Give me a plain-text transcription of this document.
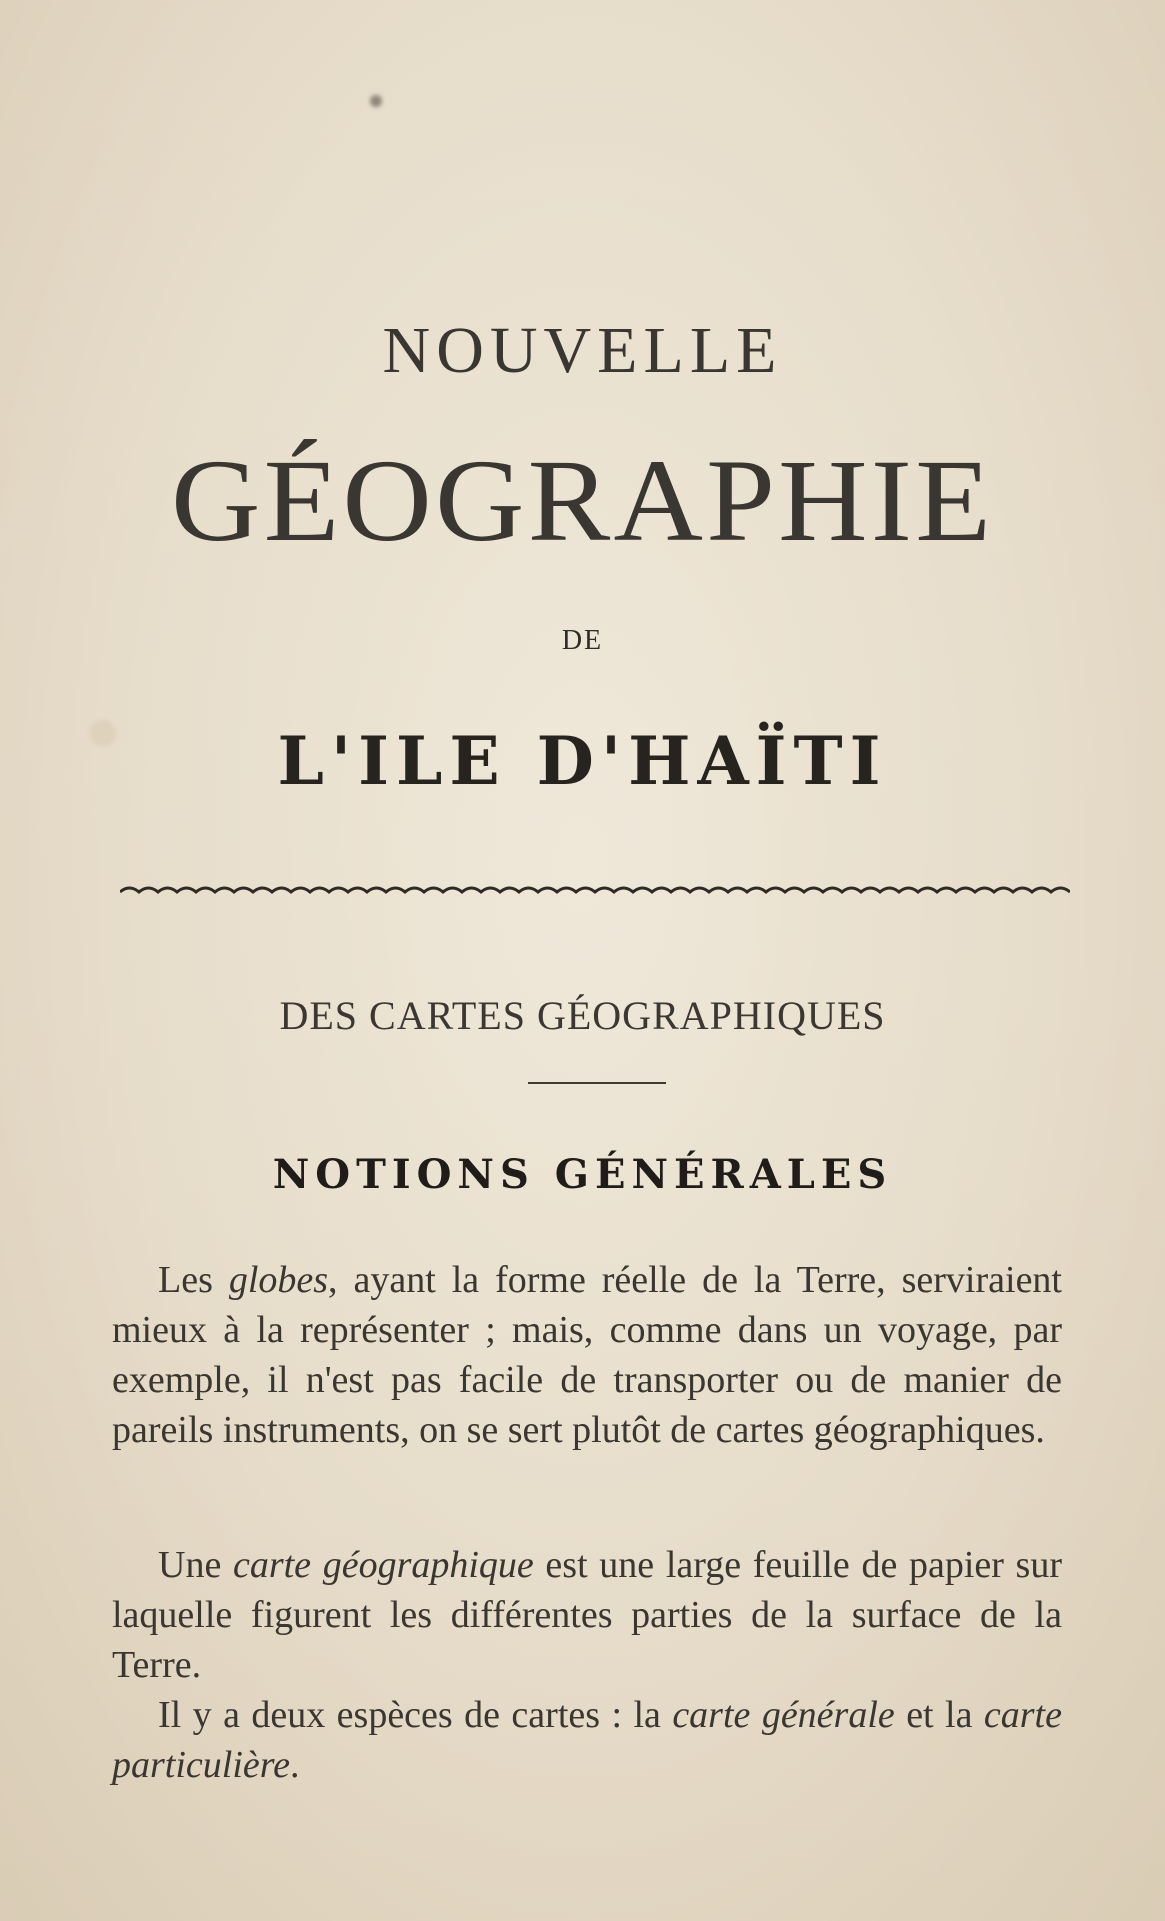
NOUVELLE
GÉOGRAPHIE
DE
L'ILE D'HAÏTI
DES CARTES GÉOGRAPHIQUES
NOTIONS GÉNÉRALES

Les globes, ayant la forme réelle de la Terre, serviraient mieux à la représenter ; mais, comme dans un voyage, par exemple, il n'est pas facile de transporter ou de manier de pareils instruments, on se sert plutôt de cartes géographiques.

Une carte géographique est une large feuille de papier sur laquelle figurent les différentes parties de la surface de la Terre.

Il y a deux espèces de cartes : la carte générale et la carte particulière.
